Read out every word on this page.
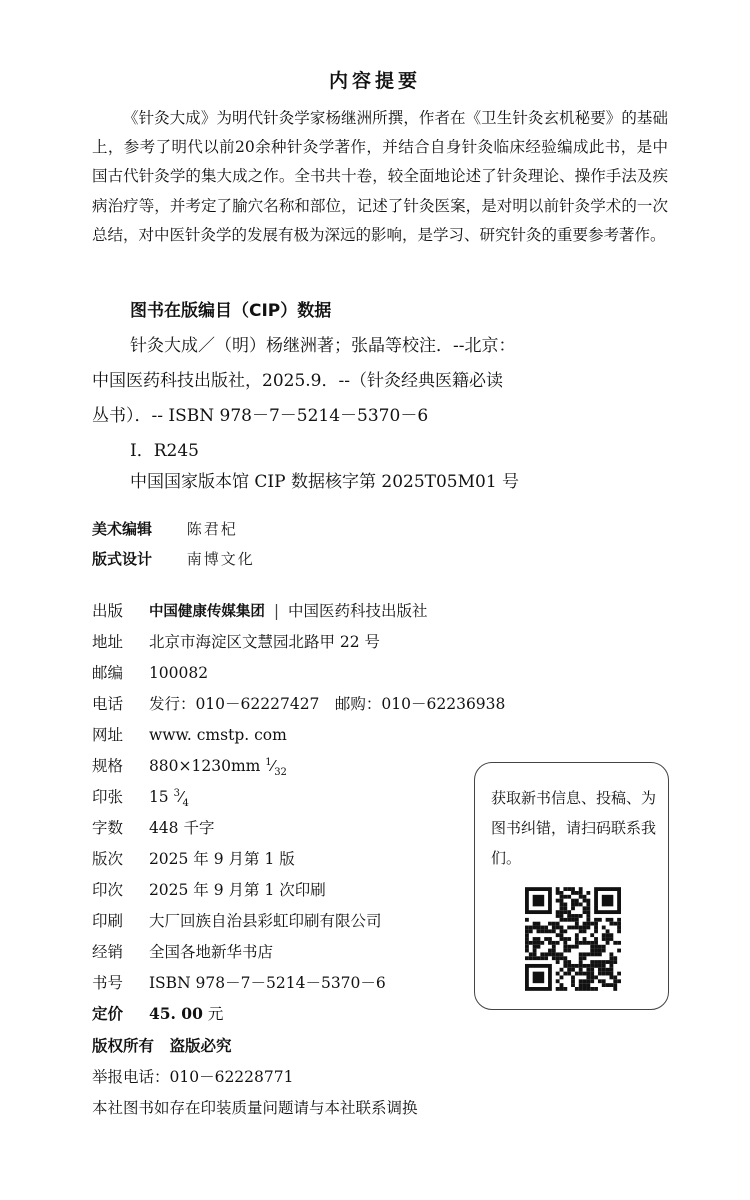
内容提要
《针灸大成》为明代针灸学家杨继洲所撰，作者在《卫生针灸玄机秘要》的基础上，参考了明代以前20余种针灸学著作，并结合自身针灸临床经验编成此书，是中国古代针灸学的集大成之作。全书共十卷，较全面地论述了针灸理论、操作手法及疾病治疗等，并考定了腧穴名称和部位，记述了针灸医案，是对明以前针灸学术的一次总结，对中医针灸学的发展有极为深远的影响，是学习、研究针灸的重要参考著作。
图书在版编目（CIP）数据
针灸大成／（明）杨继洲著；张晶等校注．--北京：
中国医药科技出版社，2025.9．--（针灸经典医籍必读
丛书）．-- ISBN 978－7－5214－5370－6
Ⅰ．R245
中国国家版本馆 CIP 数据核字第 2025T05M01 号
美术编辑 陈君杞
版式设计 南博文化
出版 中国健康传媒集团 | 中国医药科技出版社
地址 北京市海淀区文慧园北路甲 22 号
邮编 100082
电话 发行：010－62227427　邮购：010－62236938
网址 www. cmstp. com
规格 880×1230mm $^1⁄_{32}$
印张 15 $^3⁄_4$
字数 448 千字
版次 2025 年 9 月第 1 版
印次 2025 年 9 月第 1 次印刷
印刷 大厂回族自治县彩虹印刷有限公司
经销 全国各地新华书店
书号 ISBN 978－7－5214－5370－6
定价 45. 00 元
版权所有　盗版必究
举报电话：010－62228771
本社图书如存在印装质量问题请与本社联系调换
获取新书信息、投稿、为图书纠错，请扫码联系我们。
